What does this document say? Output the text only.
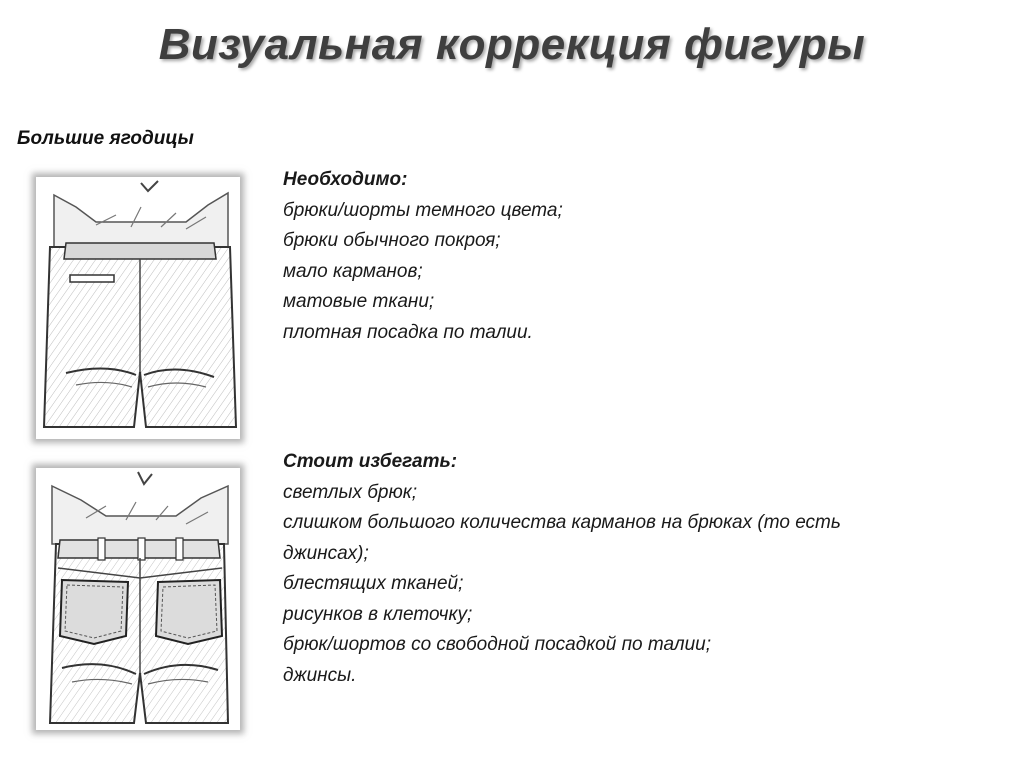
Визуальная коррекция фигуры
Большие ягодицы
Необходимо:
брюки/шорты темного цвета;
брюки обычного покроя;
мало карманов;
матовые ткани;
плотная посадка по талии.
Стоит избегать:
светлых брюк;
слишком большого количества карманов на брюках (то есть
джинсах);
блестящих тканей;
рисунков в клеточку;
брюк/шортов со свободной посадкой по талии;
джинсы.
